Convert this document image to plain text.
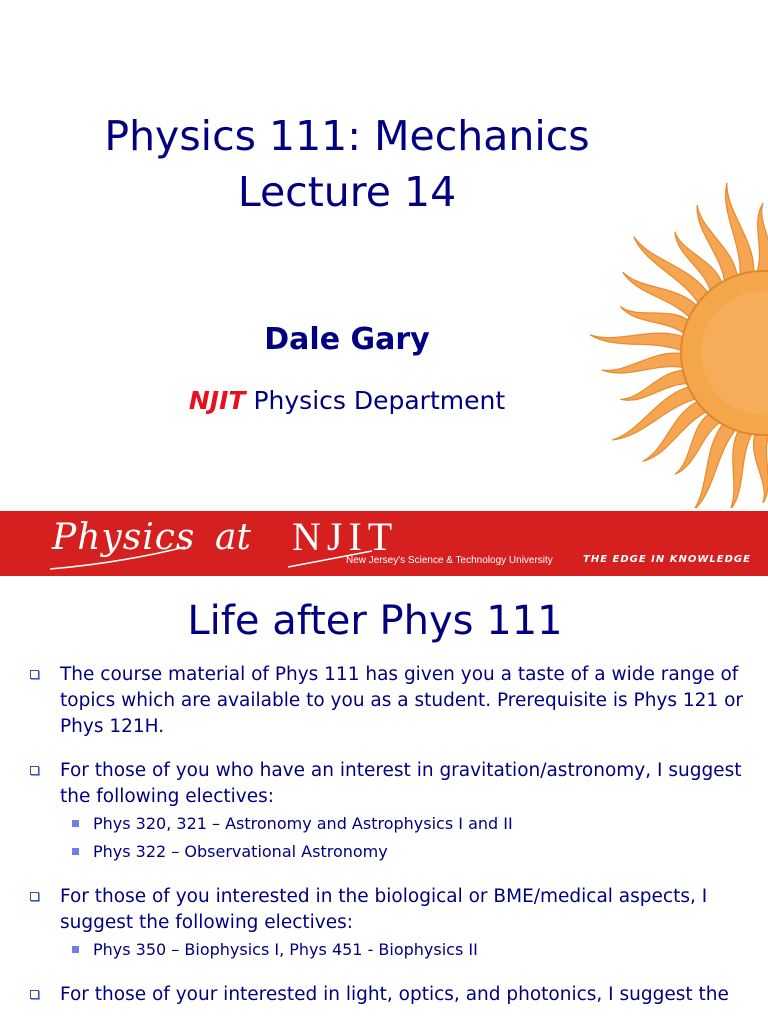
Physics 111: Mechanics
Lecture 14
Dale Gary
NJIT Physics Department
Physics at NJIT
New Jersey's Science & Technology University	THE EDGE IN KNOWLEDGE
Life after Phys 111
The course material of Phys 111 has given you a taste of a wide range of topics which are available to you as a student. Prerequisite is Phys 121 or Phys 121H.
For those of you who have an interest in gravitation/astronomy, I suggest the following electives:
Phys 320, 321 – Astronomy and Astrophysics I and II
Phys 322 – Observational Astronomy
For those of you interested in the biological or BME/medical aspects, I suggest the following electives:
Phys 350 – Biophysics I, Phys 451 - Biophysics II
For those of your interested in light, optics, and photonics, I suggest the
